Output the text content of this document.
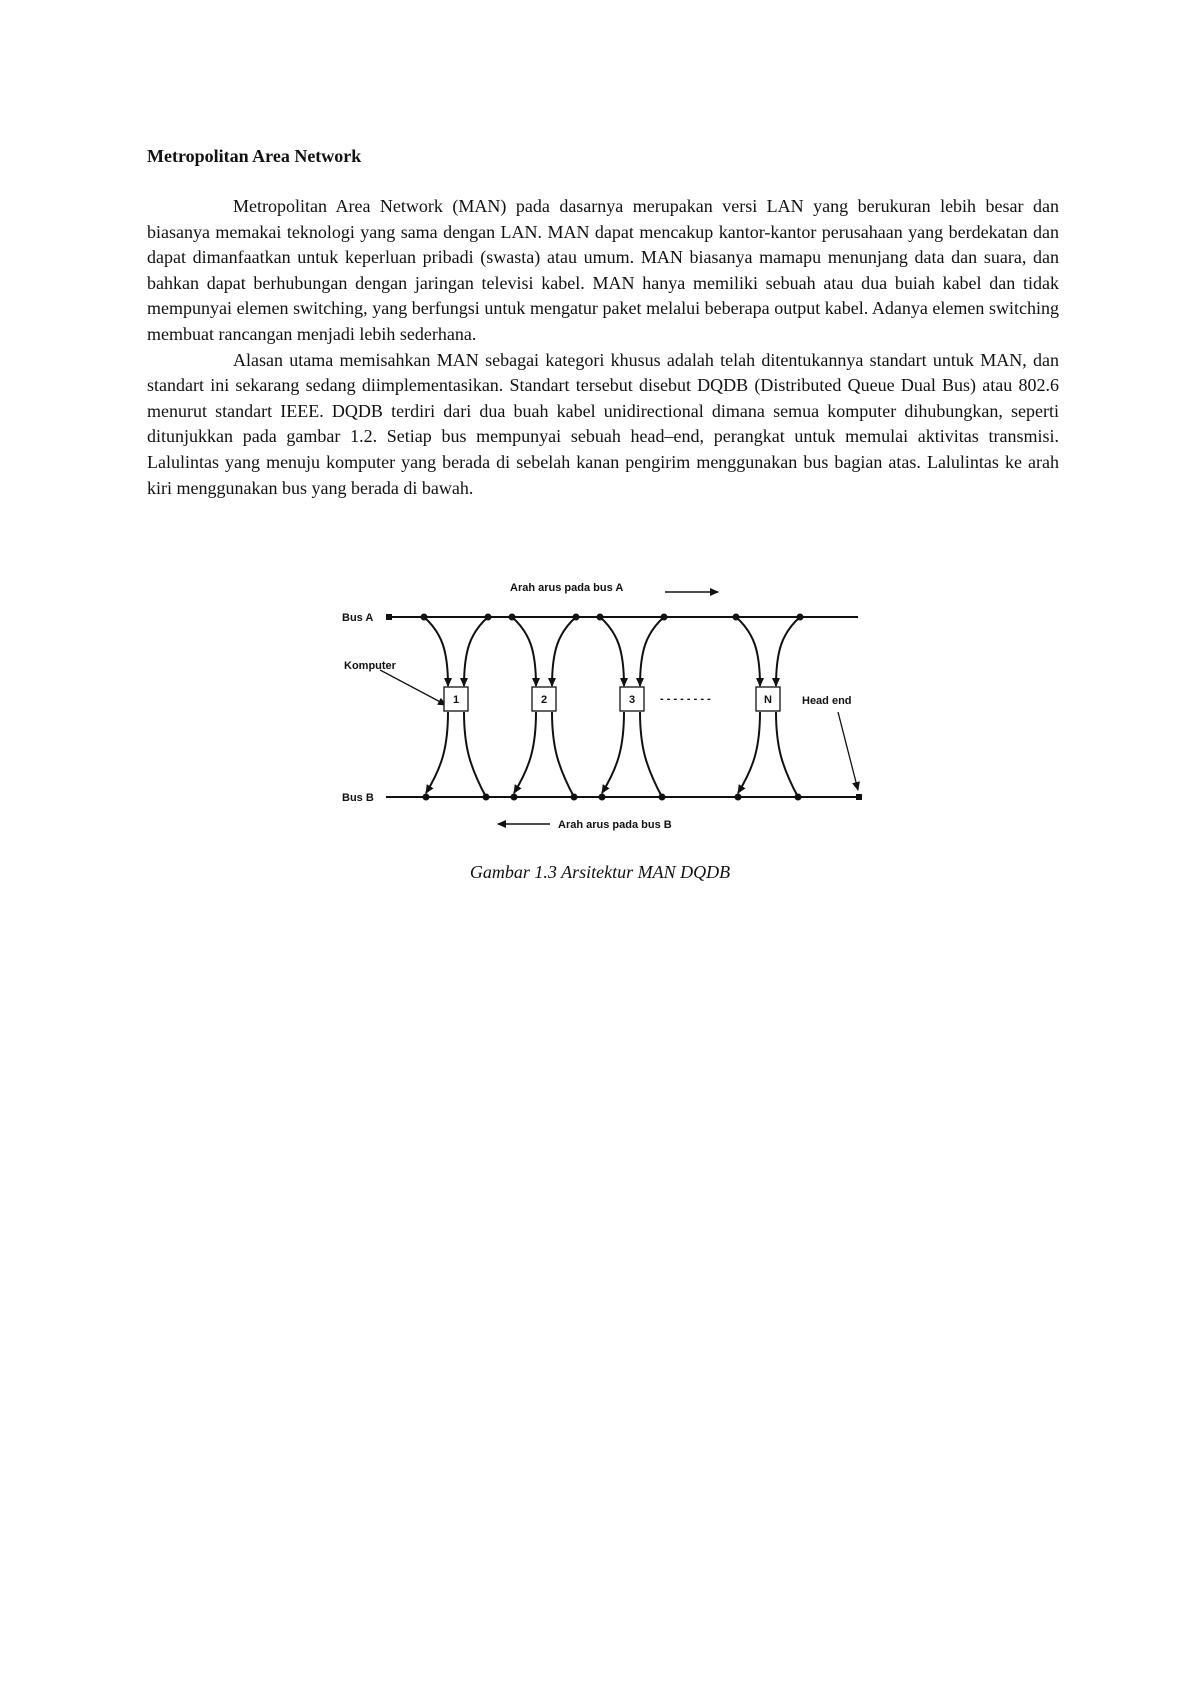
Metropolitan Area Network

Metropolitan Area Network (MAN) pada dasarnya merupakan versi LAN yang berukuran lebih besar dan biasanya memakai teknologi yang sama dengan LAN. MAN dapat mencakup kantor-kantor perusahaan yang berdekatan dan dapat dimanfaatkan untuk keperluan pribadi (swasta) atau umum. MAN biasanya mamapu menunjang data dan suara, dan bahkan dapat berhubungan dengan jaringan televisi kabel. MAN hanya memiliki sebuah atau dua buiah kabel dan tidak mempunyai elemen switching, yang berfungsi untuk mengatur paket melalui beberapa output kabel. Adanya elemen switching membuat rancangan menjadi lebih sederhana.

Alasan utama memisahkan MAN sebagai kategori khusus adalah telah ditentukannya standart untuk MAN, dan standart ini sekarang sedang diimplementasikan. Standart tersebut disebut DQDB (Distributed Queue Dual Bus) atau 802.6 menurut standart IEEE. DQDB terdiri dari dua buah kabel unidirectional dimana semua komputer dihubungkan, seperti ditunjukkan pada gambar 1.2. Setiap bus mempunyai sebuah head–end, perangkat untuk memulai aktivitas transmisi. Lalulintas yang menuju komputer yang berada di sebelah kanan pengirim menggunakan bus bagian atas. Lalulintas ke arah kiri menggunakan bus yang berada di bawah.

Arah arus pada bus A
Bus A
Bus B
Komputer
Head end
1	2	3 - - - - - - - -	N
Arah arus pada bus B
Gambar 1.3 Arsitektur MAN DQDB
